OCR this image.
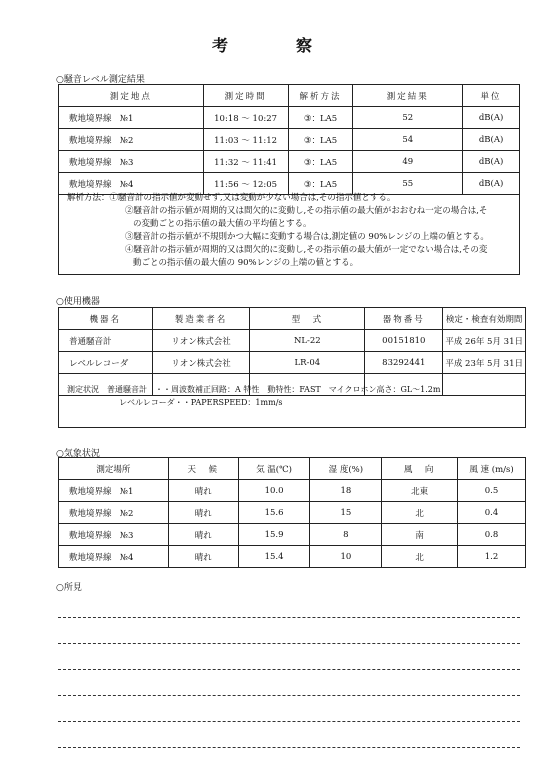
考　察
○騒音レベル測定結果
測定地点	測定時間	解析方法	測定結果	単位
敷地境界線　№1	10:18 ～ 10:27	③：LA5	52	dB(A)
敷地境界線　№2	11:03 ～ 11:12	③：LA5	54	dB(A)
敷地境界線　№3	11:32 ～ 11:41	③：LA5	49	dB(A)
敷地境界線　№4	11:56 ～ 12:05	③：LA5	55	dB(A)
解析方法：①騒音計の指示値が変動せず,又は変動が少ない場合は,その指示値とする。
②騒音計の指示値が周期的又は間欠的に変動し,その指示値の最大値がおおむね一定の場合は,そ
の変動ごとの指示値の最大値の平均値とする。
③騒音計の指示値が不規則かつ大幅に変動する場合は,測定値の 90%レンジの上端の値とする。
④騒音計の指示値が周期的又は間欠的に変動し,その指示値の最大値が一定でない場合は,その変
動ごとの指示値の最大値の 90%レンジの上端の値とする。
○使用機器
機器名	製造業者名	型　式	器物番号	検定・検査有効期間
普通騒音計	リオン株式会社	NL-22	00151810	平成 26年 5月 31日
レベルレコーダ	リオン株式会社	LR-04	83292441	平成 23年 5月 31日

測定状況　普通騒音計　・・周波数補正回路：A 特性　動特性：FAST　マイクロホン高さ：GL～1.2m
レベルレコーダ・・PAPERSPEED：1mm/s
○気象状況
測定場所	天　候	気 温(℃)	湿 度(%)	風　向	風 速 (m/s)
敷地境界線　№1	晴れ	10.0	18	北東	0.5
敷地境界線　№2	晴れ	15.6	15	北	0.4
敷地境界線　№3	晴れ	15.9	8	南	0.8
敷地境界線　№4	晴れ	15.4	10	北	1.2
○所見
